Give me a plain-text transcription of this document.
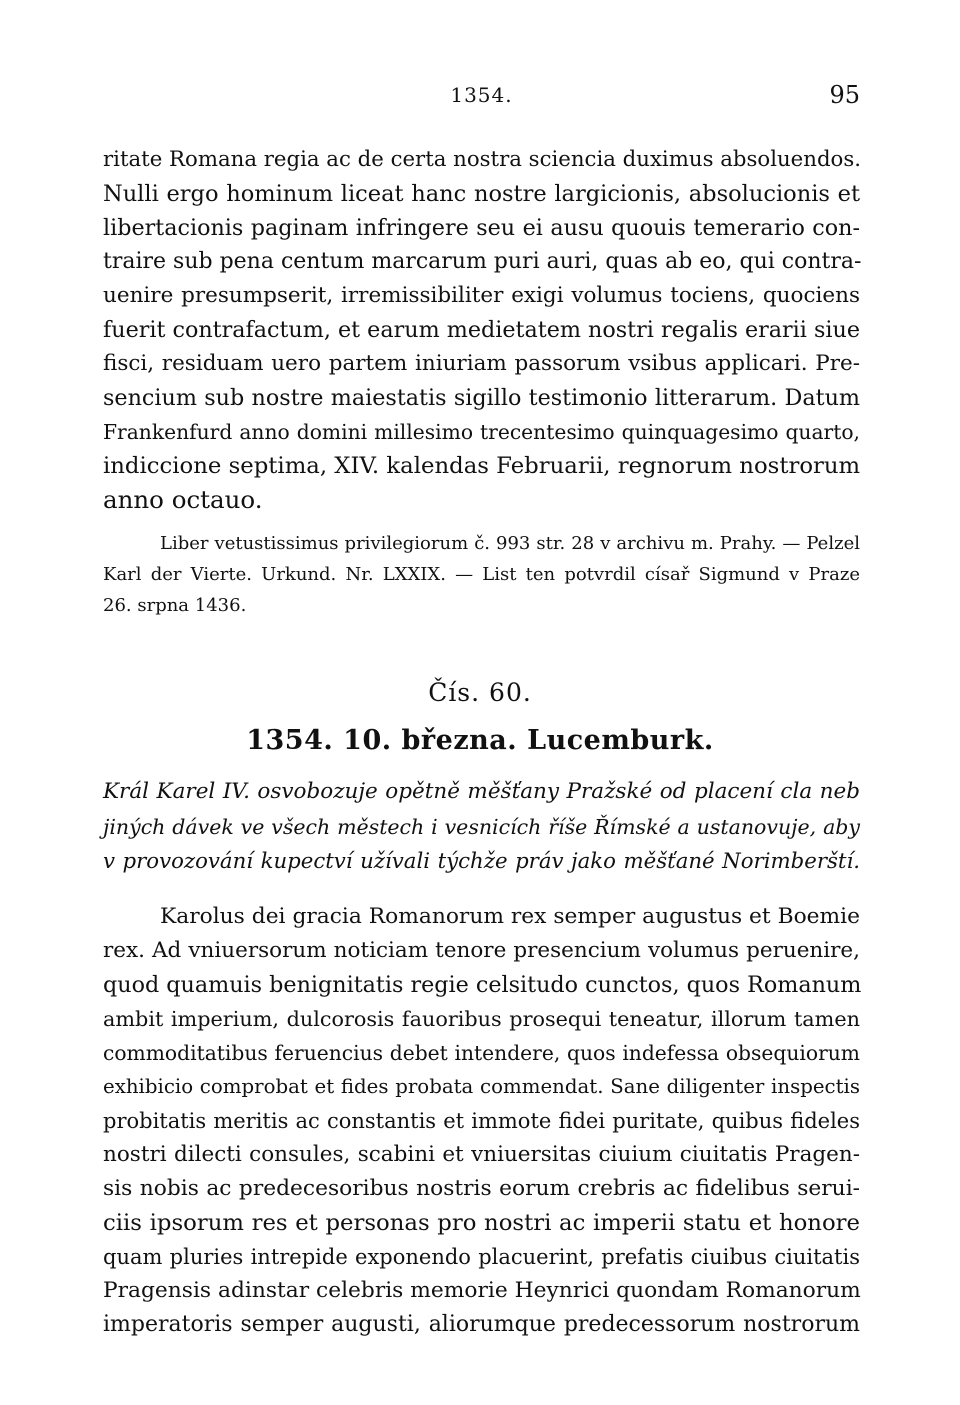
1354.	95
ritate Romana regia ac de certa nostra sciencia duximus absoluendos.
Nulli ergo hominum liceat hanc nostre largicionis, absolucionis et
libertacionis paginam infringere seu ei ausu quouis temerario con-
traire sub pena centum marcarum puri auri, quas ab eo, qui contra-
uenire presumpserit, irremissibiliter exigi volumus tociens, quociens
fuerit contrafactum, et earum medietatem nostri regalis erarii siue
fisci, residuam uero partem iniuriam passorum vsibus applicari. Pre-
sencium sub nostre maiestatis sigillo testimonio litterarum. Datum
Frankenfurd anno domini millesimo trecentesimo quinquagesimo quarto,
indiccione septima, XIV. kalendas Februarii, regnorum nostrorum
anno octauo.
Liber vetustissimus privilegiorum č. 993 str. 28 v archivu m. Prahy. — Pelzel
Karl der Vierte. Urkund. Nr. LXXIX. — List ten potvrdil císař Sigmund v Praze
26. srpna 1436.
Čís. 60.
1354. 10. března. Lucemburk.
Král Karel IV. osvobozuje opětně měšťany Pražské od placení cla neb
jiných dávek ve všech městech i vesnicích říše Římské a ustanovuje, aby
v provozování kupectví užívali týchže práv jako měšťané Norimberští.
Karolus dei gracia Romanorum rex semper augustus et Boemie
rex. Ad vniuersorum noticiam tenore presencium volumus peruenire,
quod quamuis benignitatis regie celsitudo cunctos, quos Romanum
ambit imperium, dulcorosis fauoribus prosequi teneatur, illorum tamen
commoditatibus feruencius debet intendere, quos indefessa obsequiorum
exhibicio comprobat et fides probata commendat. Sane diligenter inspectis
probitatis meritis ac constantis et immote fidei puritate, quibus fideles
nostri dilecti consules, scabini et vniuersitas ciuium ciuitatis Pragen-
sis nobis ac predecesoribus nostris eorum crebris ac fidelibus serui-
ciis ipsorum res et personas pro nostri ac imperii statu et honore
quam pluries intrepide exponendo placuerint, prefatis ciuibus ciuitatis
Pragensis adinstar celebris memorie Heynrici quondam Romanorum
imperatoris semper augusti, aliorumque predecessorum nostrorum
